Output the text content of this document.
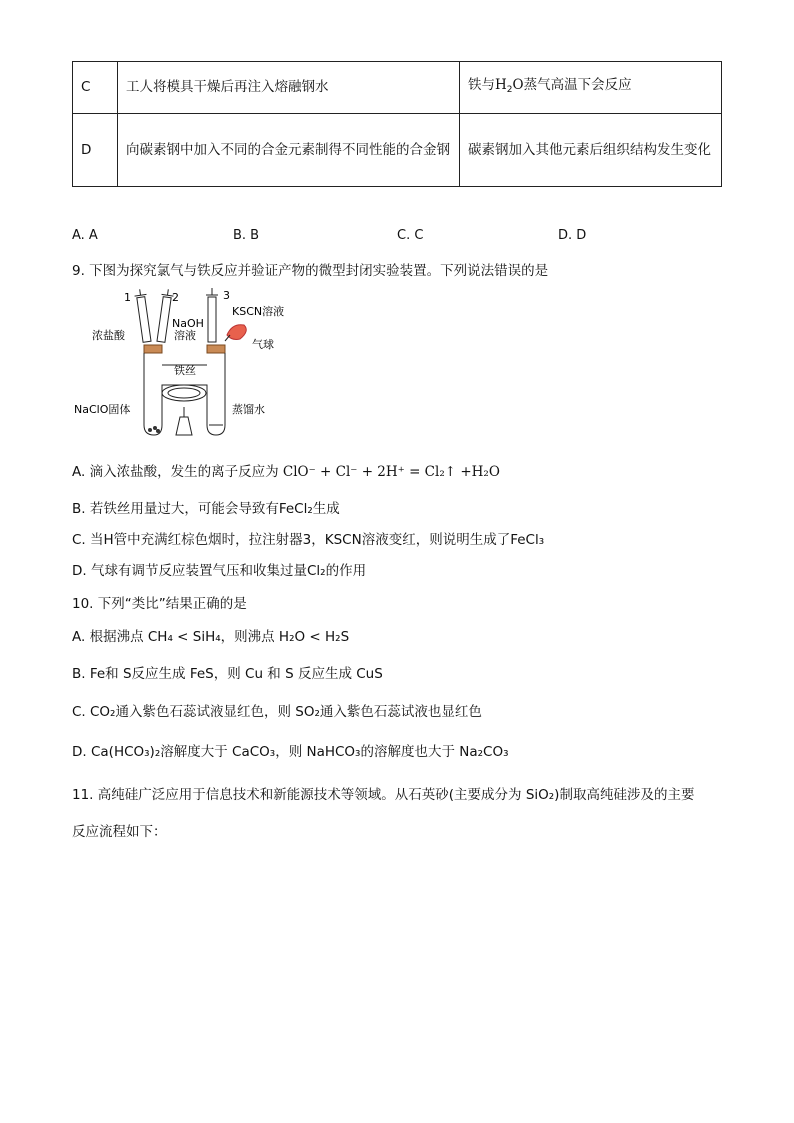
C	工人将模具干燥后再注入熔融钢水	铁与$H_2O$蒸气高温下会反应
D	向碳素钢中加入不同的合金元素制得不同性能的合金钢	碳素钢加入其他元素后组织结构发生变化
A. A	B. B	C. C	D. D
9. 下图为探究氯气与铁反应并验证产物的微型封闭实验装置。下列说法错误的是
1	2	3
KSCN溶液
NaOH
溶液
浓盐酸
气球
铁丝
NaClO固体	蒸馏水
A. 滴入浓盐酸，发生的离子反应为 ClO⁻ + Cl⁻ + 2H⁺ = Cl₂↑ +H₂O
B. 若铁丝用量过大，可能会导致有FeCl₂生成
C. 当H管中充满红棕色烟时，拉注射器3，KSCN溶液变红，则说明生成了FeCl₃
D. 气球有调节反应装置气压和收集过量Cl₂的作用
10. 下列“类比”结果正确的是
A. 根据沸点 CH₄ < SiH₄，则沸点 H₂O < H₂S
B. Fe和 S反应生成 FeS，则 Cu 和 S 反应生成 CuS
C. CO₂通入紫色石蕊试液显红色，则 SO₂通入紫色石蕊试液也显红色
D. Ca(HCO₃)₂溶解度大于 CaCO₃，则 NaHCO₃的溶解度也大于 Na₂CO₃
11. 高纯硅广泛应用于信息技术和新能源技术等领域。从石英砂(主要成分为 SiO₂)制取高纯硅涉及的主要
反应流程如下：
